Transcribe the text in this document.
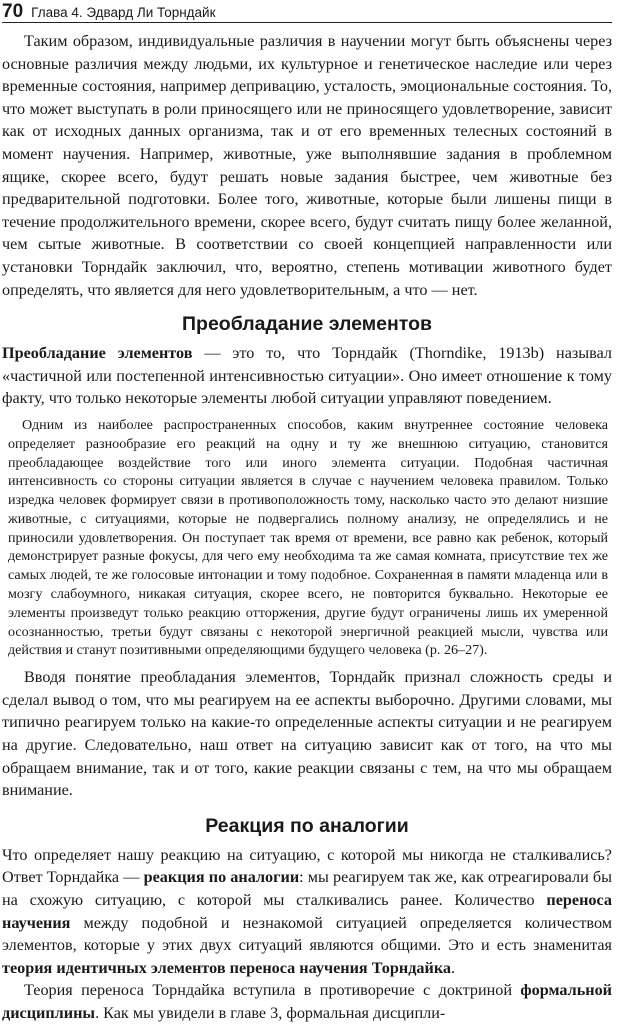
70 Глава 4. Эдвард Ли Торндайк

Таким образом, индивидуальные различия в научении могут быть объяснены через основные различия между людьми, их культурное и генетическое наследие или через временные состояния, например депривацию, усталость, эмоциональные состояния. То, что может выступать в роли приносящего или не приносящего удовлетворение, зависит как от исходных данных организма, так и от его временных телесных состояний в момент научения. Например, животные, уже выполнявшие задания в проблемном ящике, скорее всего, будут решать новые задания быстрее, чем животные без предварительной подготовки. Более того, животные, которые были лишены пищи в течение продолжительного времени, скорее всего, будут считать пищу более желанной, чем сытые животные. В соответствии со своей концепцией направленности или установки Торндайк заключил, что, вероятно, степень мотивации животного будет определять, что является для него удовлетворительным, а что — нет.

Преобладание элементов

Преобладание элементов — это то, что Торндайк (Thorndike, 1913b) называл «частичной или постепенной интенсивностью ситуации». Оно имеет отношение к тому факту, что только некоторые элементы любой ситуации управляют поведением.

Одним из наиболее распространенных способов, каким внутреннее состояние человека определяет разнообразие его реакций на одну и ту же внешнюю ситуацию, становится преобладающее воздействие того или иного элемента ситуации. Подобная частичная интенсивность со стороны ситуации является в случае с научением человека правилом. Только изредка человек формирует связи в противоположность тому, насколько часто это делают низшие животные, с ситуациями, которые не подвергались полному анализу, не определялись и не приносили удовлетворения. Он поступает так время от времени, все равно как ребенок, который демонстрирует разные фокусы, для чего ему необходима та же самая комната, присутствие тех же самых людей, те же голосовые интонации и тому подобное. Сохраненная в памяти младенца или в мозгу слабоумного, никакая ситуация, скорее всего, не повторится буквально. Некоторые ее элементы произведут только реакцию отторжения, другие будут ограничены лишь их умеренной осознанностью, третьи будут связаны с некоторой энергичной реакцией мысли, чувства или действия и станут позитивными определяющими будущего человека (р. 26–27).

Вводя понятие преобладания элементов, Торндайк признал сложность среды и сделал вывод о том, что мы реагируем на ее аспекты выборочно. Другими словами, мы типично реагируем только на какие-то определенные аспекты ситуации и не реагируем на другие. Следовательно, наш ответ на ситуацию зависит как от того, на что мы обращаем внимание, так и от того, какие реакции связаны с тем, на что мы обращаем внимание.

Реакция по аналогии

Что определяет нашу реакцию на ситуацию, с которой мы никогда не сталкивались? Ответ Торндайка — реакция по аналогии: мы реагируем так же, как отреагировали бы на схожую ситуацию, с которой мы сталкивались ранее. Количество переноса научения между подобной и незнакомой ситуацией определяется количеством элементов, которые у этих двух ситуаций являются общими. Это и есть знаменитая теория идентичных элементов переноса научения Торндайка.

Теория переноса Торндайка вступила в противоречие с доктриной формальной дисциплины. Как мы увидели в главе 3, формальная дисципли-
